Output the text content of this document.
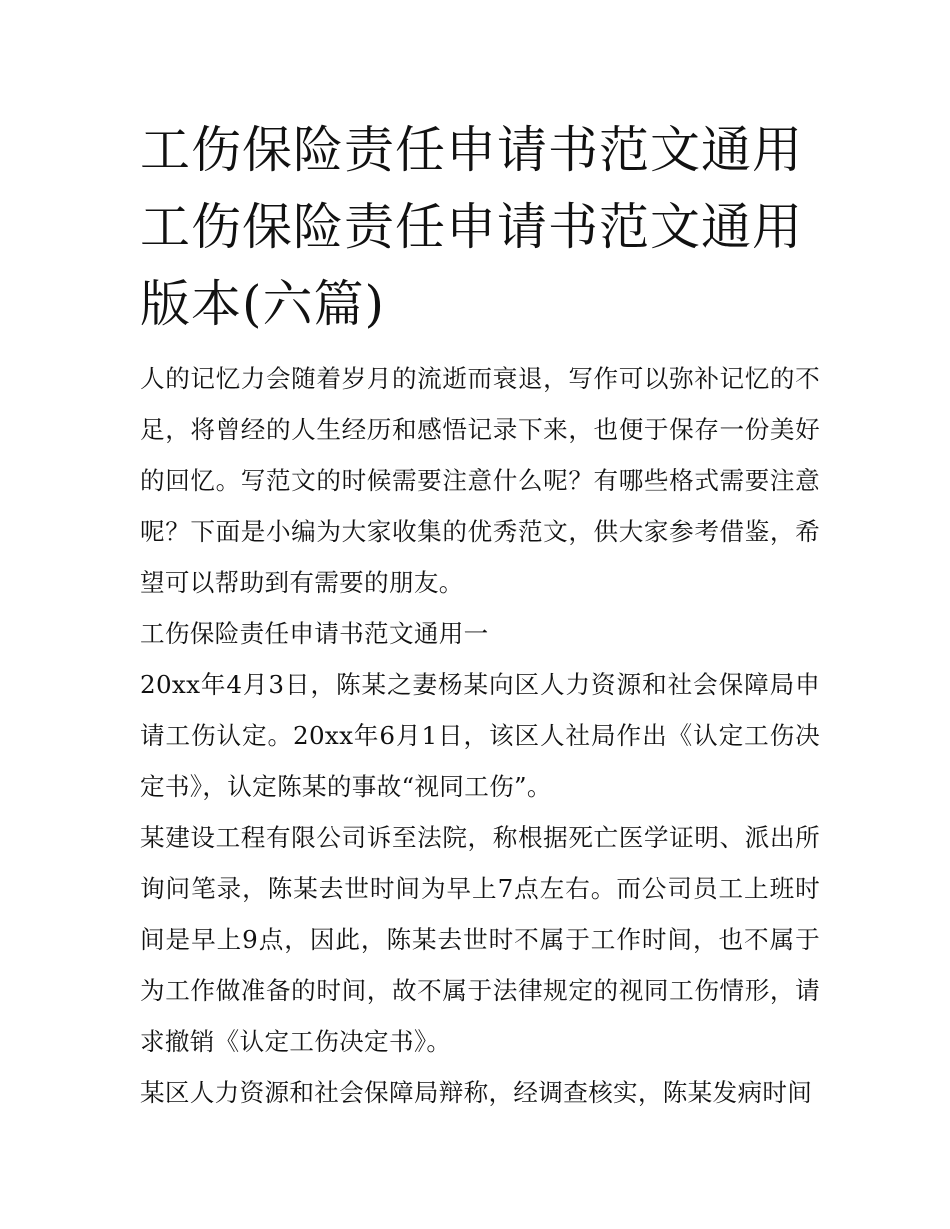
工伤保险责任申请书范文通用工伤保险责任申请书范文通用版本(六篇)

人的记忆力会随着岁月的流逝而衰退，写作可以弥补记忆的不足，将曾经的人生经历和感悟记录下来，也便于保存一份美好的回忆。写范文的时候需要注意什么呢？有哪些格式需要注意呢？下面是小编为大家收集的优秀范文，供大家参考借鉴，希望可以帮助到有需要的朋友。

工伤保险责任申请书范文通用一

20xx年4月3日，陈某之妻杨某向区人力资源和社会保障局申请工伤认定。20xx年6月1日，该区人社局作出《认定工伤决定书》，认定陈某的事故“视同工伤”。

某建设工程有限公司诉至法院，称根据死亡医学证明、派出所询问笔录，陈某去世时间为早上7点左右。而公司员工上班时间是早上9点，因此，陈某去世时不属于工作时间，也不属于为工作做准备的时间，故不属于法律规定的视同工伤情形，请求撤销《认定工伤决定书》。

某区人力资源和社会保障局辩称，经调查核实，陈某发病时间
